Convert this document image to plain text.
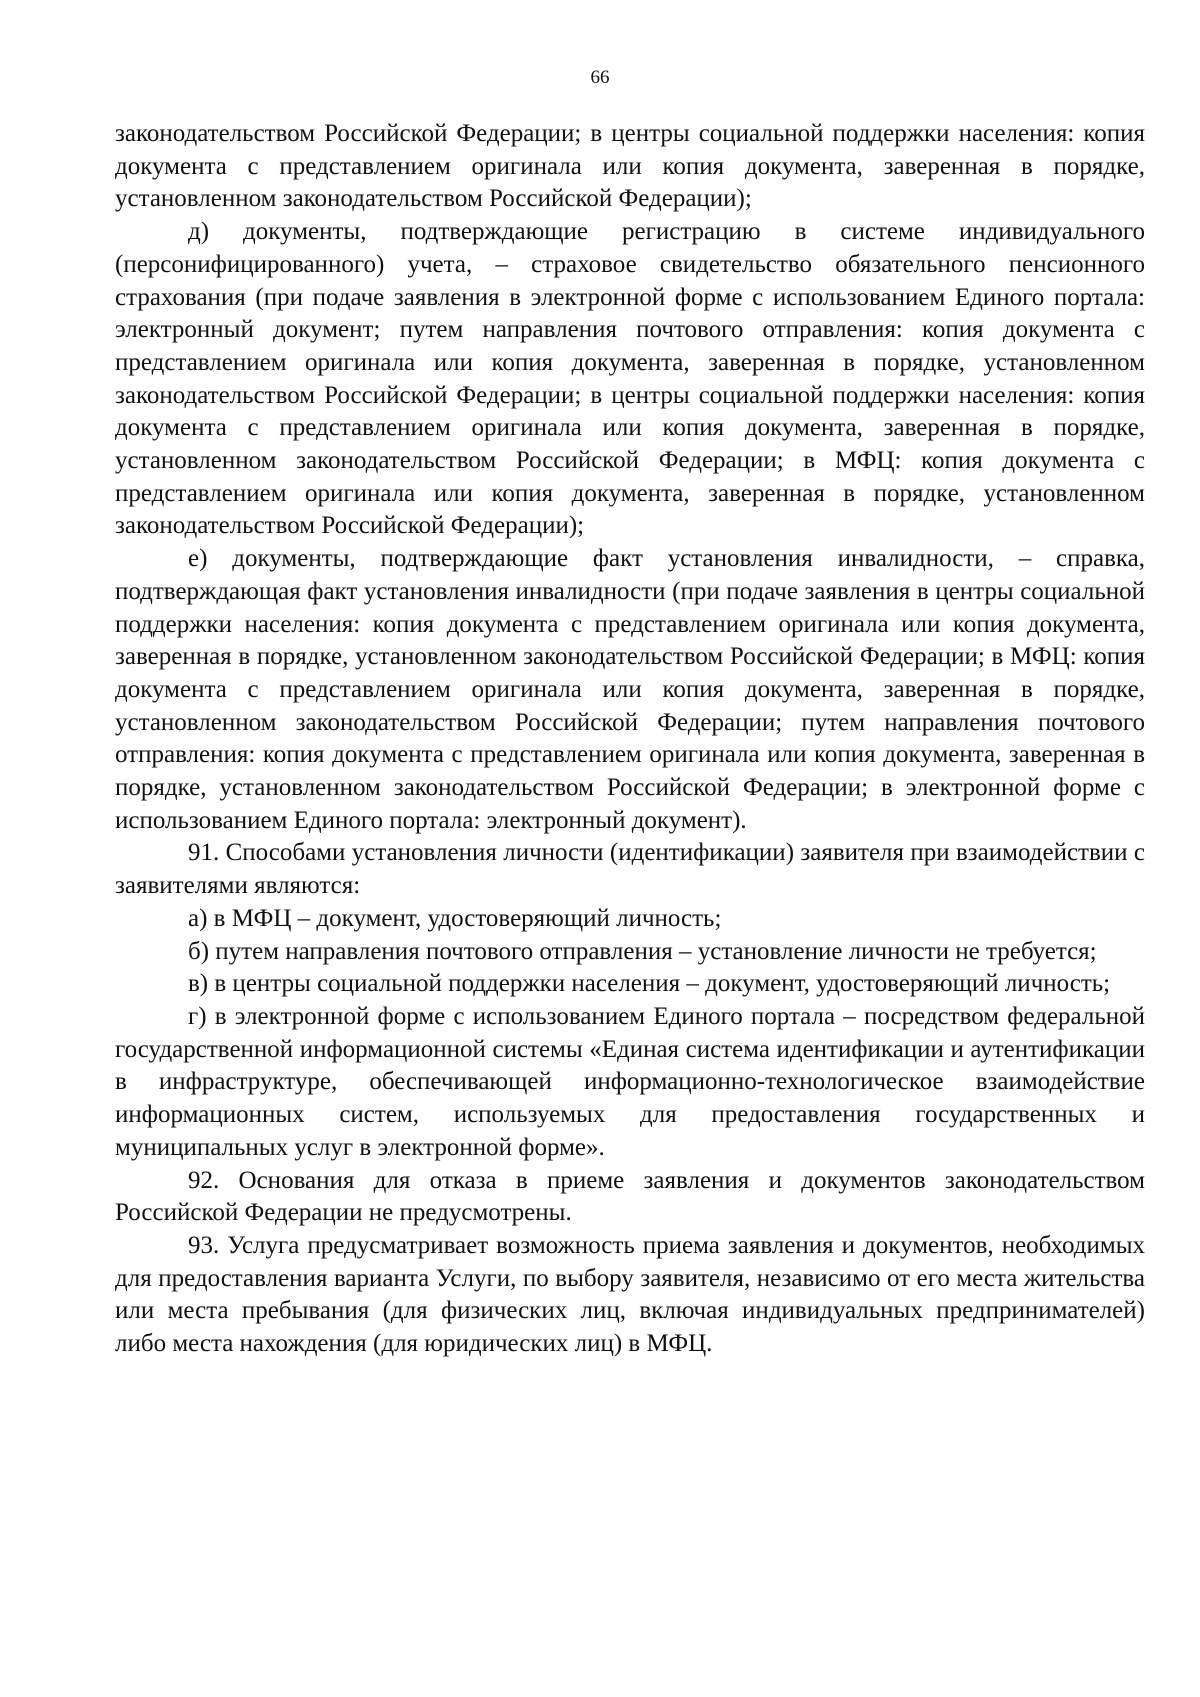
66

законодательством Российской Федерации; в центры социальной поддержки населения: копия документа с представлением оригинала или копия документа, заверенная в порядке, установленном законодательством Российской Федерации);

д) документы, подтверждающие регистрацию в системе индивидуального (персонифицированного) учета, – страховое свидетельство обязательного пенсионного страхования (при подаче заявления в электронной форме с использованием Единого портала: электронный документ; путем направления почтового отправления: копия документа с представлением оригинала или копия документа, заверенная в порядке, установленном законодательством Российской Федерации; в центры социальной поддержки населения: копия документа с представлением оригинала или копия документа, заверенная в порядке, установленном законодательством Российской Федерации; в МФЦ: копия документа с представлением оригинала или копия документа, заверенная в порядке, установленном законодательством Российской Федерации);

е) документы, подтверждающие факт установления инвалидности, – справка, подтверждающая факт установления инвалидности (при подаче заявления в центры социальной поддержки населения: копия документа с представлением оригинала или копия документа, заверенная в порядке, установленном законодательством Российской Федерации; в МФЦ: копия документа с представлением оригинала или копия документа, заверенная в порядке, установленном законодательством Российской Федерации; путем направления почтового отправления: копия документа с представлением оригинала или копия документа, заверенная в порядке, установленном законодательством Российской Федерации; в электронной форме с использованием Единого портала: электронный документ).

91. Способами установления личности (идентификации) заявителя при взаимодействии с заявителями являются:

а) в МФЦ – документ, удостоверяющий личность;

б) путем направления почтового отправления – установление личности не требуется;

в) в центры социальной поддержки населения – документ, удостоверяющий личность;

г) в электронной форме с использованием Единого портала – посредством федеральной государственной информационной системы «Единая система идентификации и аутентификации в инфраструктуре, обеспечивающей информационно-технологическое взаимодействие информационных систем, используемых для предоставления государственных и муниципальных услуг в электронной форме».

92. Основания для отказа в приеме заявления и документов законодательством Российской Федерации не предусмотрены.

93. Услуга предусматривает возможность приема заявления и документов, необходимых для предоставления варианта Услуги, по выбору заявителя, независимо от его места жительства или места пребывания (для физических лиц, включая индивидуальных предпринимателей) либо места нахождения (для юридических лиц) в МФЦ.
